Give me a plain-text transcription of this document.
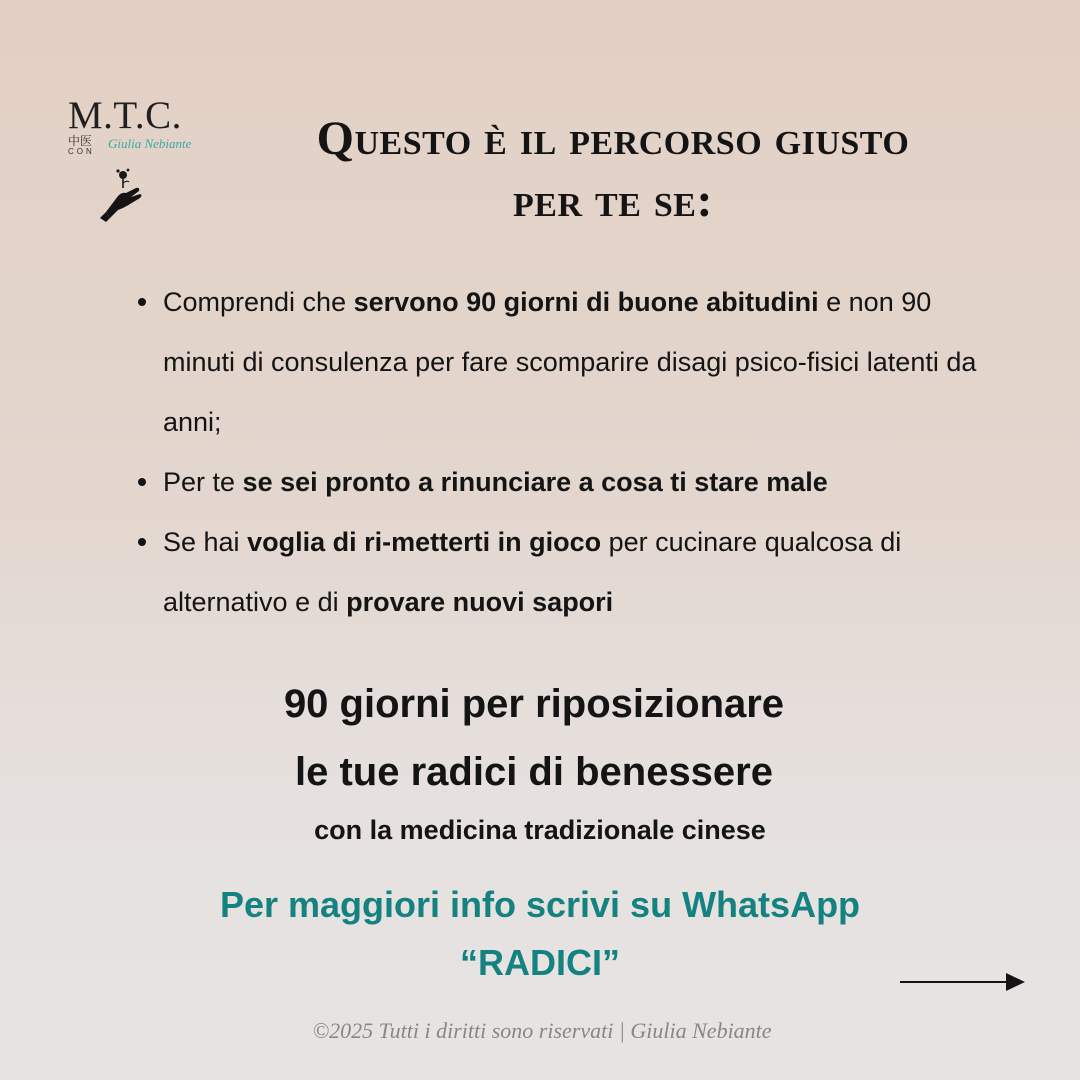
M.T.C.
中医
CON
Giulia Nebiante	Questo è il percorso giusto
per te se:
Comprendi che servono 90 giorni di buone abitudini e non 90 minuti di consulenza per fare scomparire disagi psico-fisici latenti da anni;
Per te se sei pronto a rinunciare a cosa ti stare male
Se hai voglia di ri-metterti in gioco per cucinare qualcosa di alternativo e di provare nuovi sapori
90 giorni per riposizionare
le tue radici di benessere
con la medicina tradizionale cinese
Per maggiori info scrivi su WhatsApp
“RADICI”
©2025 Tutti i diritti sono riservati | Giulia Nebiante
